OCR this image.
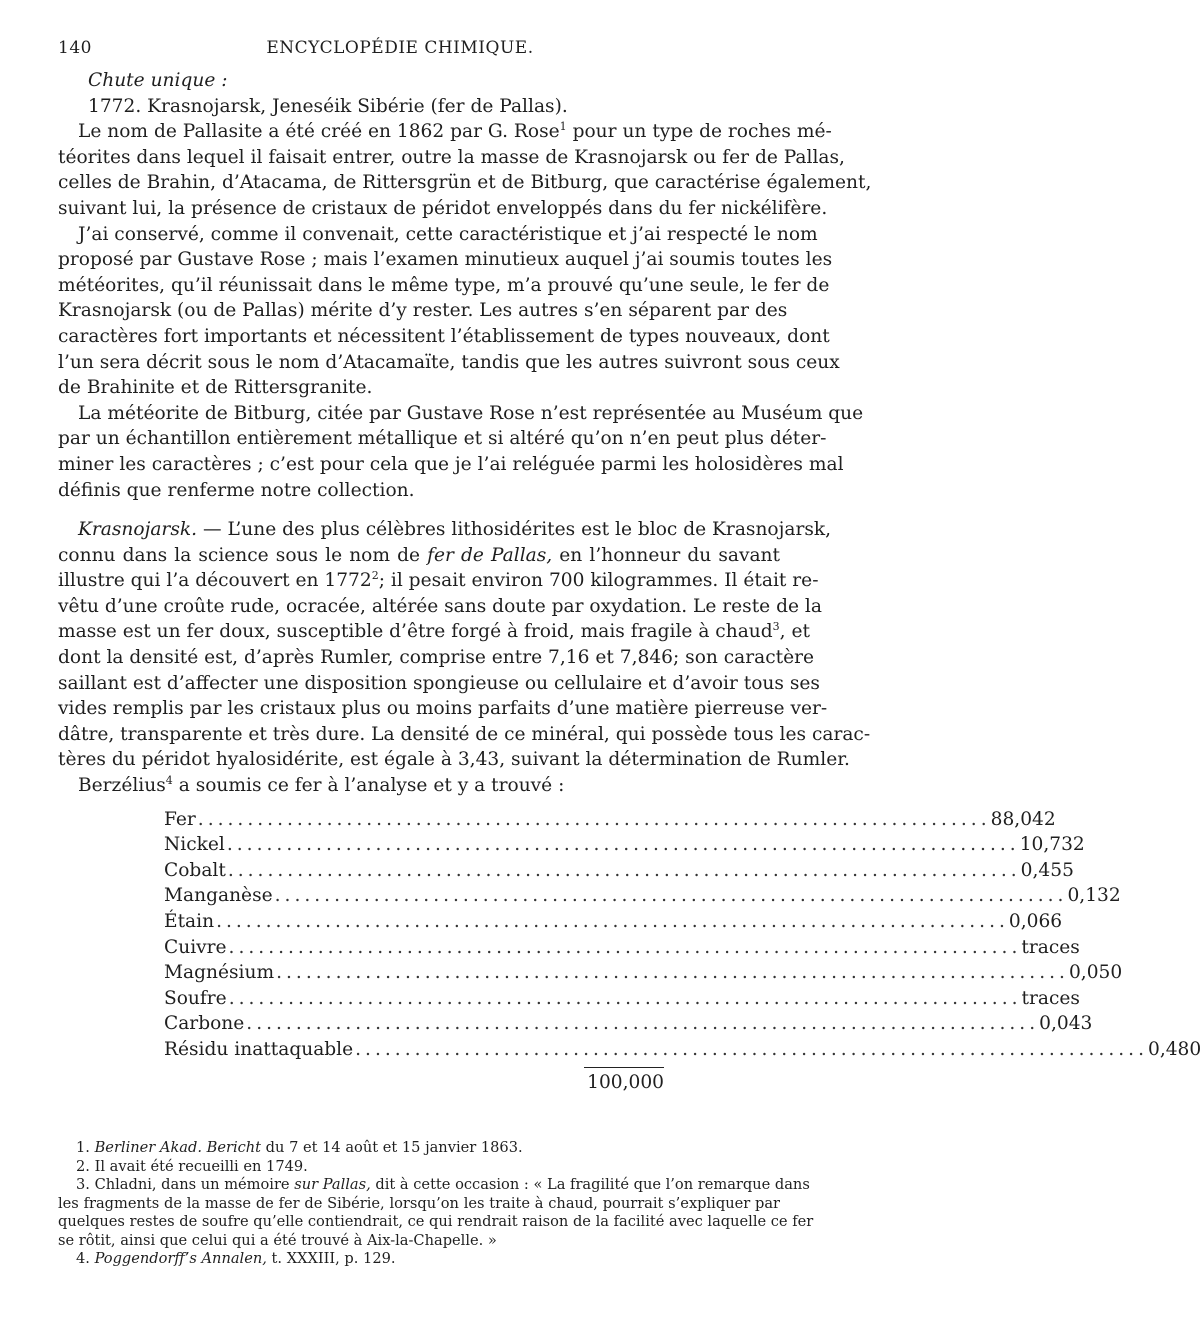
140	ENCYCLOPÉDIE CHIMIQUE.
Chute unique :
1772. Krasnojarsk, Jeneséik Sibérie (fer de Pallas).
Le nom de Pallasite a été créé en 1862 par G. Rose$^1$ pour un type de roches mé-
téorites dans lequel il faisait entrer, outre la masse de Krasnojarsk ou fer de Pallas,
celles de Brahin, d’Atacama, de Rittersgrün et de Bitburg, que caractérise également,
suivant lui, la présence de cristaux de péridot enveloppés dans du fer nickélifère.
J’ai conservé, comme il convenait, cette caractéristique et j’ai respecté le nom
proposé par Gustave Rose ; mais l’examen minutieux auquel j’ai soumis toutes les
météorites, qu’il réunissait dans le même type, m’a prouvé qu’une seule, le fer de
Krasnojarsk (ou de Pallas) mérite d’y rester. Les autres s’en séparent par des
caractères fort importants et nécessitent l’établissement de types nouveaux, dont
l’un sera décrit sous le nom d’Atacamaïte, tandis que les autres suivront sous ceux
de Brahinite et de Rittersgranite.
La météorite de Bitburg, citée par Gustave Rose n’est représentée au Muséum que
par un échantillon entièrement métallique et si altéré qu’on n’en peut plus déter-
miner les caractères ; c’est pour cela que je l’ai reléguée parmi les holosidères mal
définis que renferme notre collection.
Krasnojarsk. — L’une des plus célèbres lithosidérites est le bloc de Krasnojarsk,
connu dans la science sous le nom de fer de Pallas, en l’honneur du savant
illustre qui l’a découvert en 1772$^2$; il pesait environ 700 kilogrammes. Il était re-
vêtu d’une croûte rude, ocracée, altérée sans doute par oxydation. Le reste de la
masse est un fer doux, susceptible d’être forgé à froid, mais fragile à chaud$^3$, et
dont la densité est, d’après Rumler, comprise entre 7,16 et 7,846; son caractère
saillant est d’affecter une disposition spongieuse ou cellulaire et d’avoir tous ses
vides remplis par les cristaux plus ou moins parfaits d’une matière pierreuse ver-
dâtre, transparente et très dure. La densité de ce minéral, qui possède tous les carac-
tères du péridot hyalosidérite, est égale à 3,43, suivant la détermination de Rumler.
Berzélius$^4$ a soumis ce fer à l’analyse et y a trouvé :
Fer ................................................................................ 88,042
Nickel ................................................................................ 10,732
Cobalt ................................................................................ 0,455
Manganèse ................................................................................ 0,132
Étain ................................................................................ 0,066
Cuivre ................................................................................ traces
Magnésium ................................................................................ 0,050
Soufre ................................................................................ traces
Carbone ................................................................................ 0,043
Résidu inattaquable ................................................................................ 0,480
100,000
1. Berliner Akad. Bericht du 7 et 14 août et 15 janvier 1863.
2. Il avait été recueilli en 1749.
3. Chladni, dans un mémoire sur Pallas, dit à cette occasion : « La fragilité que l’on remarque dans
les fragments de la masse de fer de Sibérie, lorsqu’on les traite à chaud, pourrait s’expliquer par
quelques restes de soufre qu’elle contiendrait, ce qui rendrait raison de la facilité avec laquelle ce fer
se rôtit, ainsi que celui qui a été trouvé à Aix-la-Chapelle. »
4. Poggendorff’s Annalen, t. XXXIII, p. 129.
